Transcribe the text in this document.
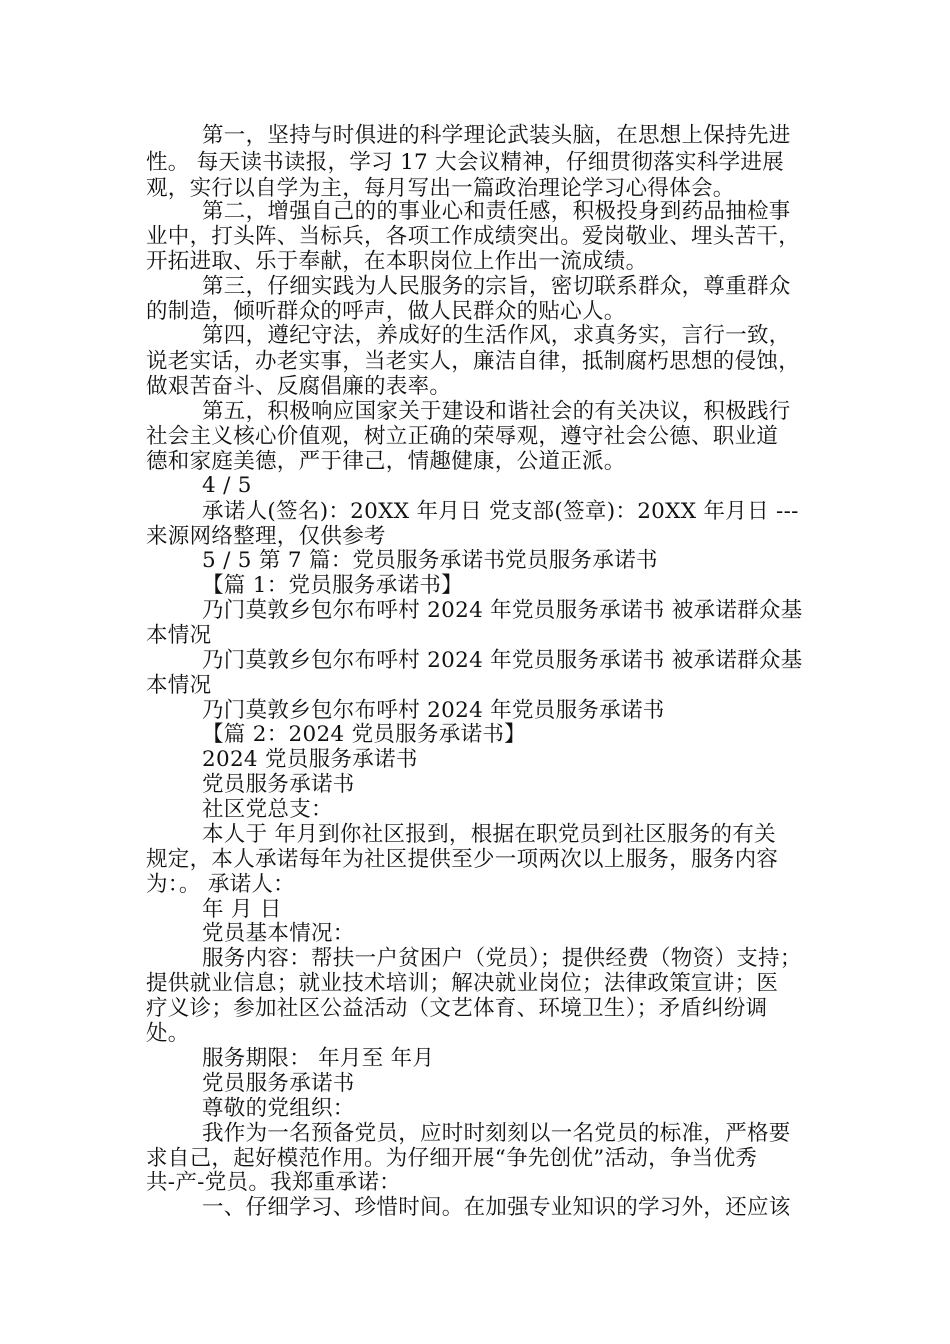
第一，坚持与时俱进的科学理论武装头脑，在思想上保持先进
性。 每天读书读报，学习 17 大会议精神，仔细贯彻落实科学进展
观，实行以自学为主，每月写出一篇政治理论学习心得体会。
第二，增强自己的的事业心和责任感，积极投身到药品抽检事
业中，打头阵、当标兵，各项工作成绩突出。爱岗敬业、埋头苦干，
开拓进取、乐于奉献，在本职岗位上作出一流成绩。
第三，仔细实践为人民服务的宗旨，密切联系群众，尊重群众
的制造，倾听群众的呼声，做人民群众的贴心人。
第四，遵纪守法，养成好的生活作风，求真务实，言行一致，
说老实话，办老实事，当老实人，廉洁自律，抵制腐朽思想的侵蚀，
做艰苦奋斗、反腐倡廉的表率。
第五，积极响应国家关于建设和谐社会的有关决议，积极践行
社会主义核心价值观，树立正确的荣辱观，遵守社会公德、职业道
德和家庭美德，严于律己，情趣健康，公道正派。
4 / 5
承诺人(签名)：20XX 年月日 党支部(签章)：20XX 年月日 ---
来源网络整理，仅供参考
5 / 5 第 7 篇：党员服务承诺书党员服务承诺书
【篇 1：党员服务承诺书】
乃门莫敦乡包尔布呼村 2024 年党员服务承诺书 被承诺群众基
本情况
乃门莫敦乡包尔布呼村 2024 年党员服务承诺书 被承诺群众基
本情况
乃门莫敦乡包尔布呼村 2024 年党员服务承诺书
【篇 2：2024 党员服务承诺书】
2024 党员服务承诺书
党员服务承诺书
社区党总支：
本人于 年月到你社区报到，根据在职党员到社区服务的有关
规定，本人承诺每年为社区提供至少一项两次以上服务，服务内容
为：。 承诺人：
年 月 日
党员基本情况：
服务内容：帮扶一户贫困户（党员）；提供经费（物资）支持；
提供就业信息；就业技术培训；解决就业岗位；法律政策宣讲；医
疗义诊；参加社区公益活动（文艺体育、环境卫生）；矛盾纠纷调
处。
服务期限： 年月至 年月
党员服务承诺书
尊敬的党组织：
我作为一名预备党员，应时时刻刻以一名党员的标准，严格要
求自己，起好模范作用。为仔细开展“争先创优”活动，争当优秀
共-产-党员。我郑重承诺：
一、仔细学习、珍惜时间。在加强专业知识的学习外，还应该
